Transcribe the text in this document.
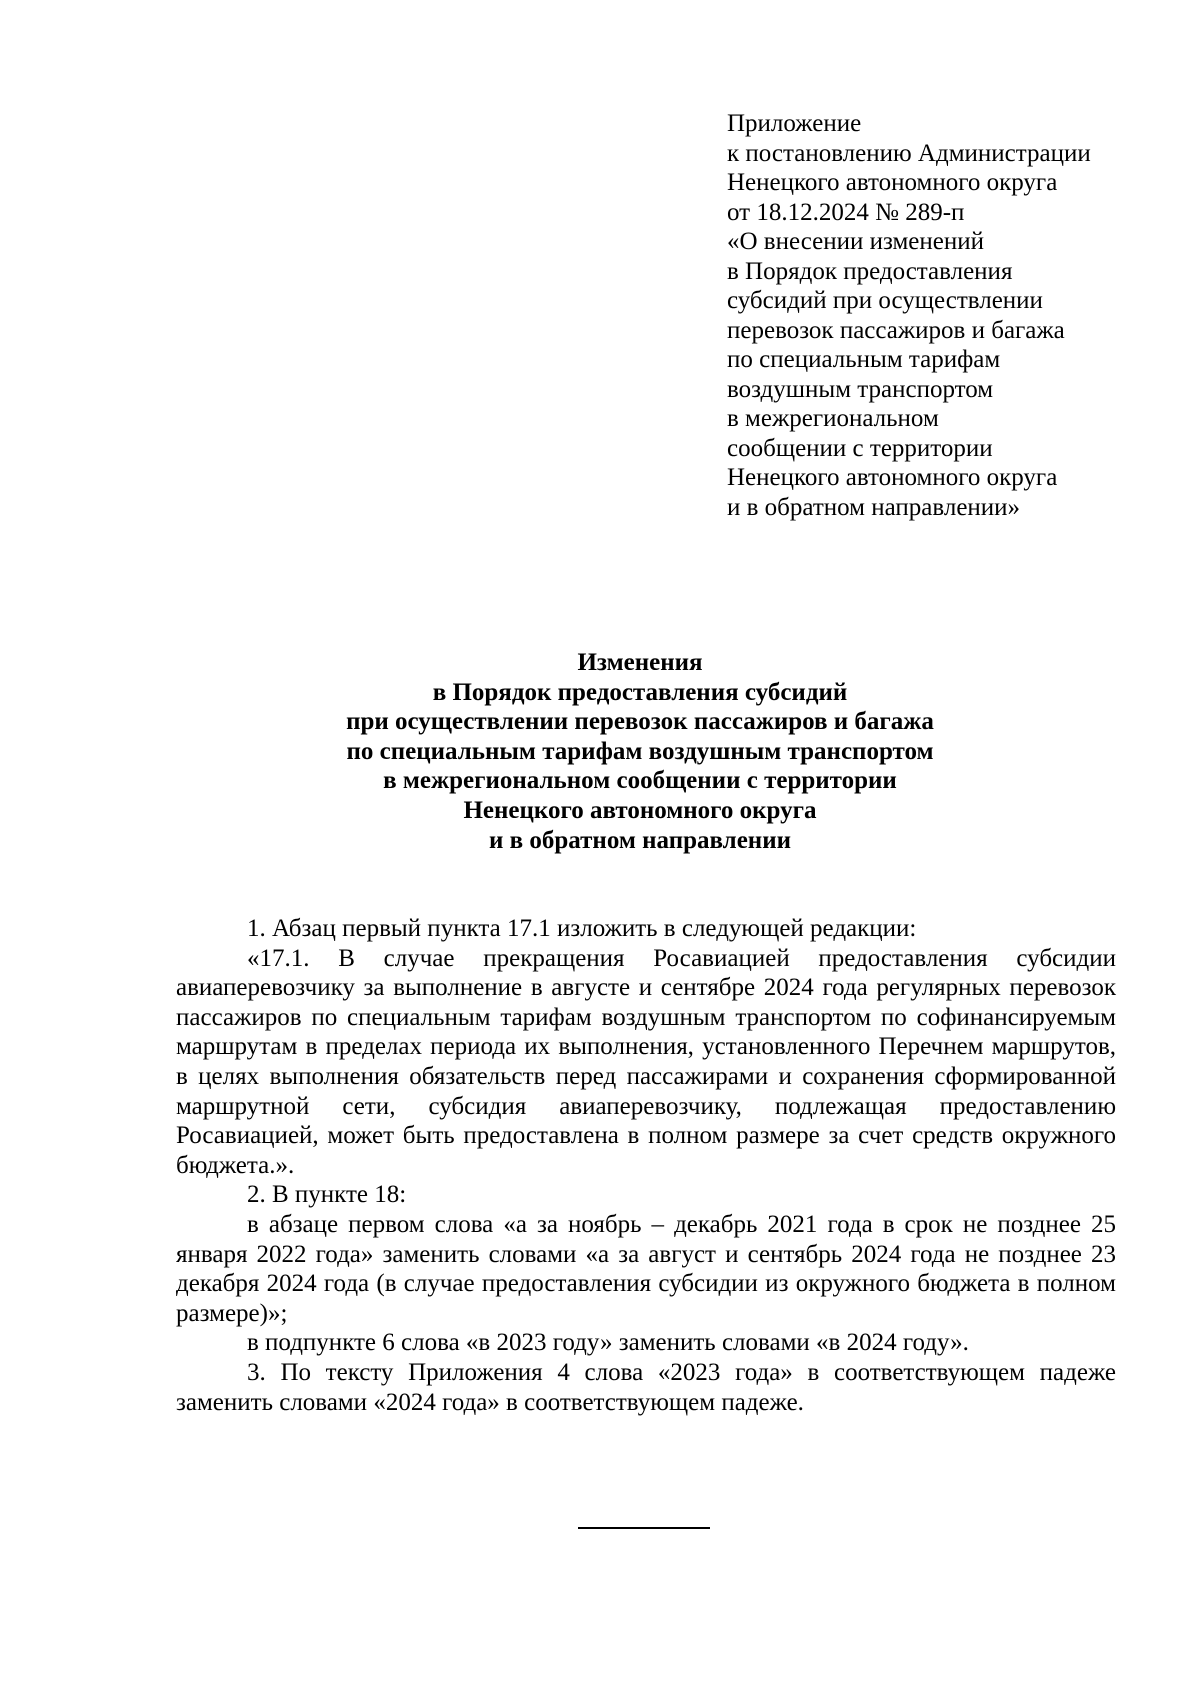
Приложение
к постановлению Администрации
Ненецкого автономного округа
от 18.12.2024 № 289-п
«О внесении изменений
в Порядок предоставления
субсидий при осуществлении
перевозок пассажиров и багажа
по специальным тарифам
воздушным транспортом
в межрегиональном
сообщении с территории
Ненецкого автономного округа
и в обратном направлении»
Изменения
в Порядок предоставления субсидий
при осуществлении перевозок пассажиров и багажа
по специальным тарифам воздушным транспортом
в межрегиональном сообщении с территории
Ненецкого автономного округа
и в обратном направлении

1. Абзац первый пункта 17.1 изложить в следующей редакции:

«17.1. В случае прекращения Росавиацией предоставления субсидии авиаперевозчику за выполнение в августе и сентябре 2024 года регулярных перевозок пассажиров по специальным тарифам воздушным транспортом по софинансируемым маршрутам в пределах периода их выполнения, установленного Перечнем маршрутов, в целях выполнения обязательств перед пассажирами и сохранения сформированной маршрутной сети, субсидия авиаперевозчику, подлежащая предоставлению Росавиацией, может быть предоставлена в полном размере за счет средств окружного бюджета.».

2. В пункте 18:

в абзаце первом слова «а за ноябрь – декабрь 2021 года в срок не позднее 25 января 2022 года» заменить словами «а за август и сентябрь 2024 года не позднее 23 декабря 2024 года (в случае предоставления субсидии из окружного бюджета в полном размере)»;

в подпункте 6 слова «в 2023 году» заменить словами «в 2024 году».

3. По тексту Приложения 4 слова «2023 года» в соответствующем падеже заменить словами «2024 года» в соответствующем падеже.
